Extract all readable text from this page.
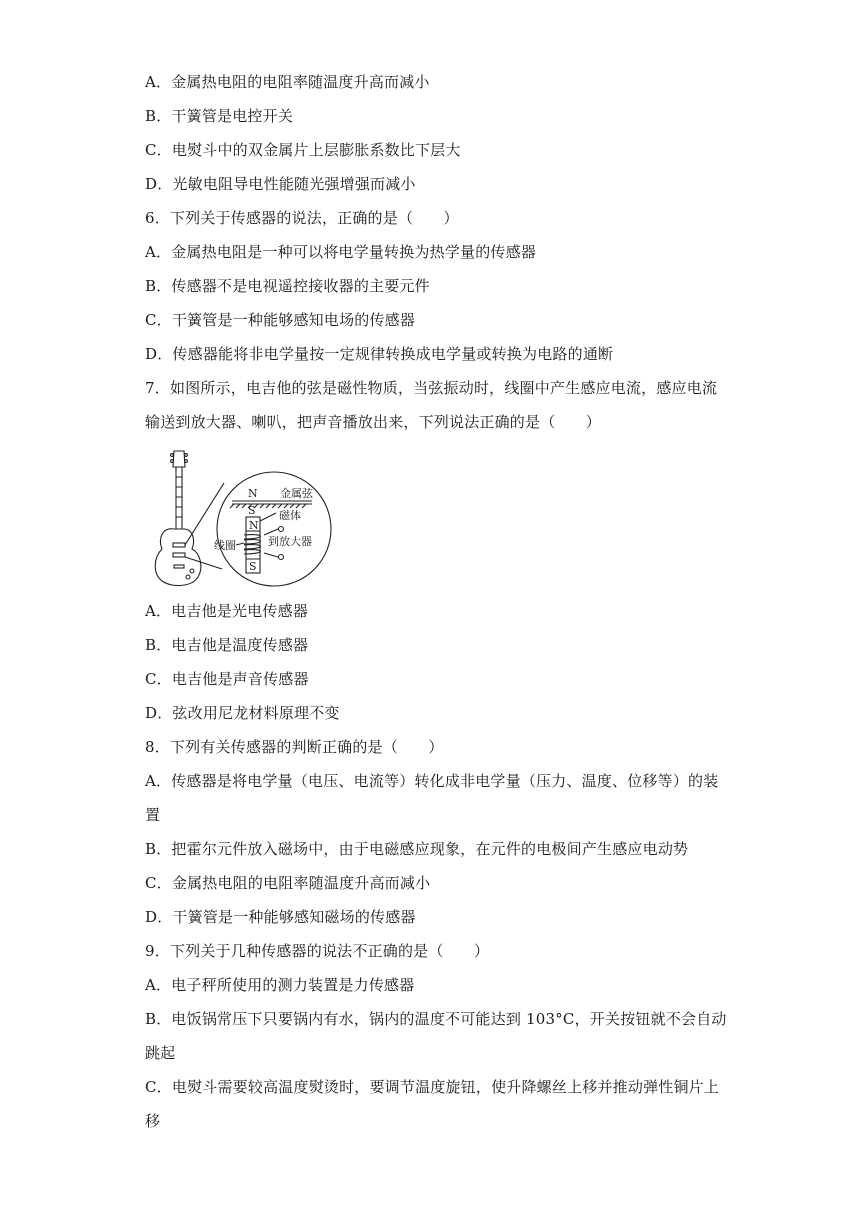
A．金属热电阻的电阻率随温度升高而减小
B．干簧管是电控开关
C．电熨斗中的双金属片上层膨胀系数比下层大
D．光敏电阻导电性能随光强增强而减小
6．下列关于传感器的说法，正确的是（　　）
A．金属热电阻是一种可以将电学量转换为热学量的传感器
B．传感器不是电视遥控接收器的主要元件
C．干簧管是一种能够感知电场的传感器
D．传感器能将非电学量按一定规律转换成电学量或转换为电路的通断
7．如图所示，电吉他的弦是磁性物质，当弦振动时，线圈中产生感应电流，感应电流
输送到放大器、喇叭，把声音播放出来，下列说法正确的是（　　）
N
S
N
S
金属弦
磁体
线圈	到放大器
A．电吉他是光电传感器
B．电吉他是温度传感器
C．电吉他是声音传感器
D．弦改用尼龙材料原理不变
8．下列有关传感器的判断正确的是（　　）
A．传感器是将电学量（电压、电流等）转化成非电学量（压力、温度、位移等）的装
置
B．把霍尔元件放入磁场中，由于电磁感应现象，在元件的电极间产生感应电动势
C．金属热电阻的电阻率随温度升高而减小
D．干簧管是一种能够感知磁场的传感器
9．下列关于几种传感器的说法不正确的是（　　）
A．电子秤所使用的测力装置是力传感器
B．电饭锅常压下只要锅内有水，锅内的温度不可能达到 103°C，开关按钮就不会自动
跳起
C．电熨斗需要较高温度熨烫时，要调节温度旋钮，使升降螺丝上移并推动弹性铜片上
移
